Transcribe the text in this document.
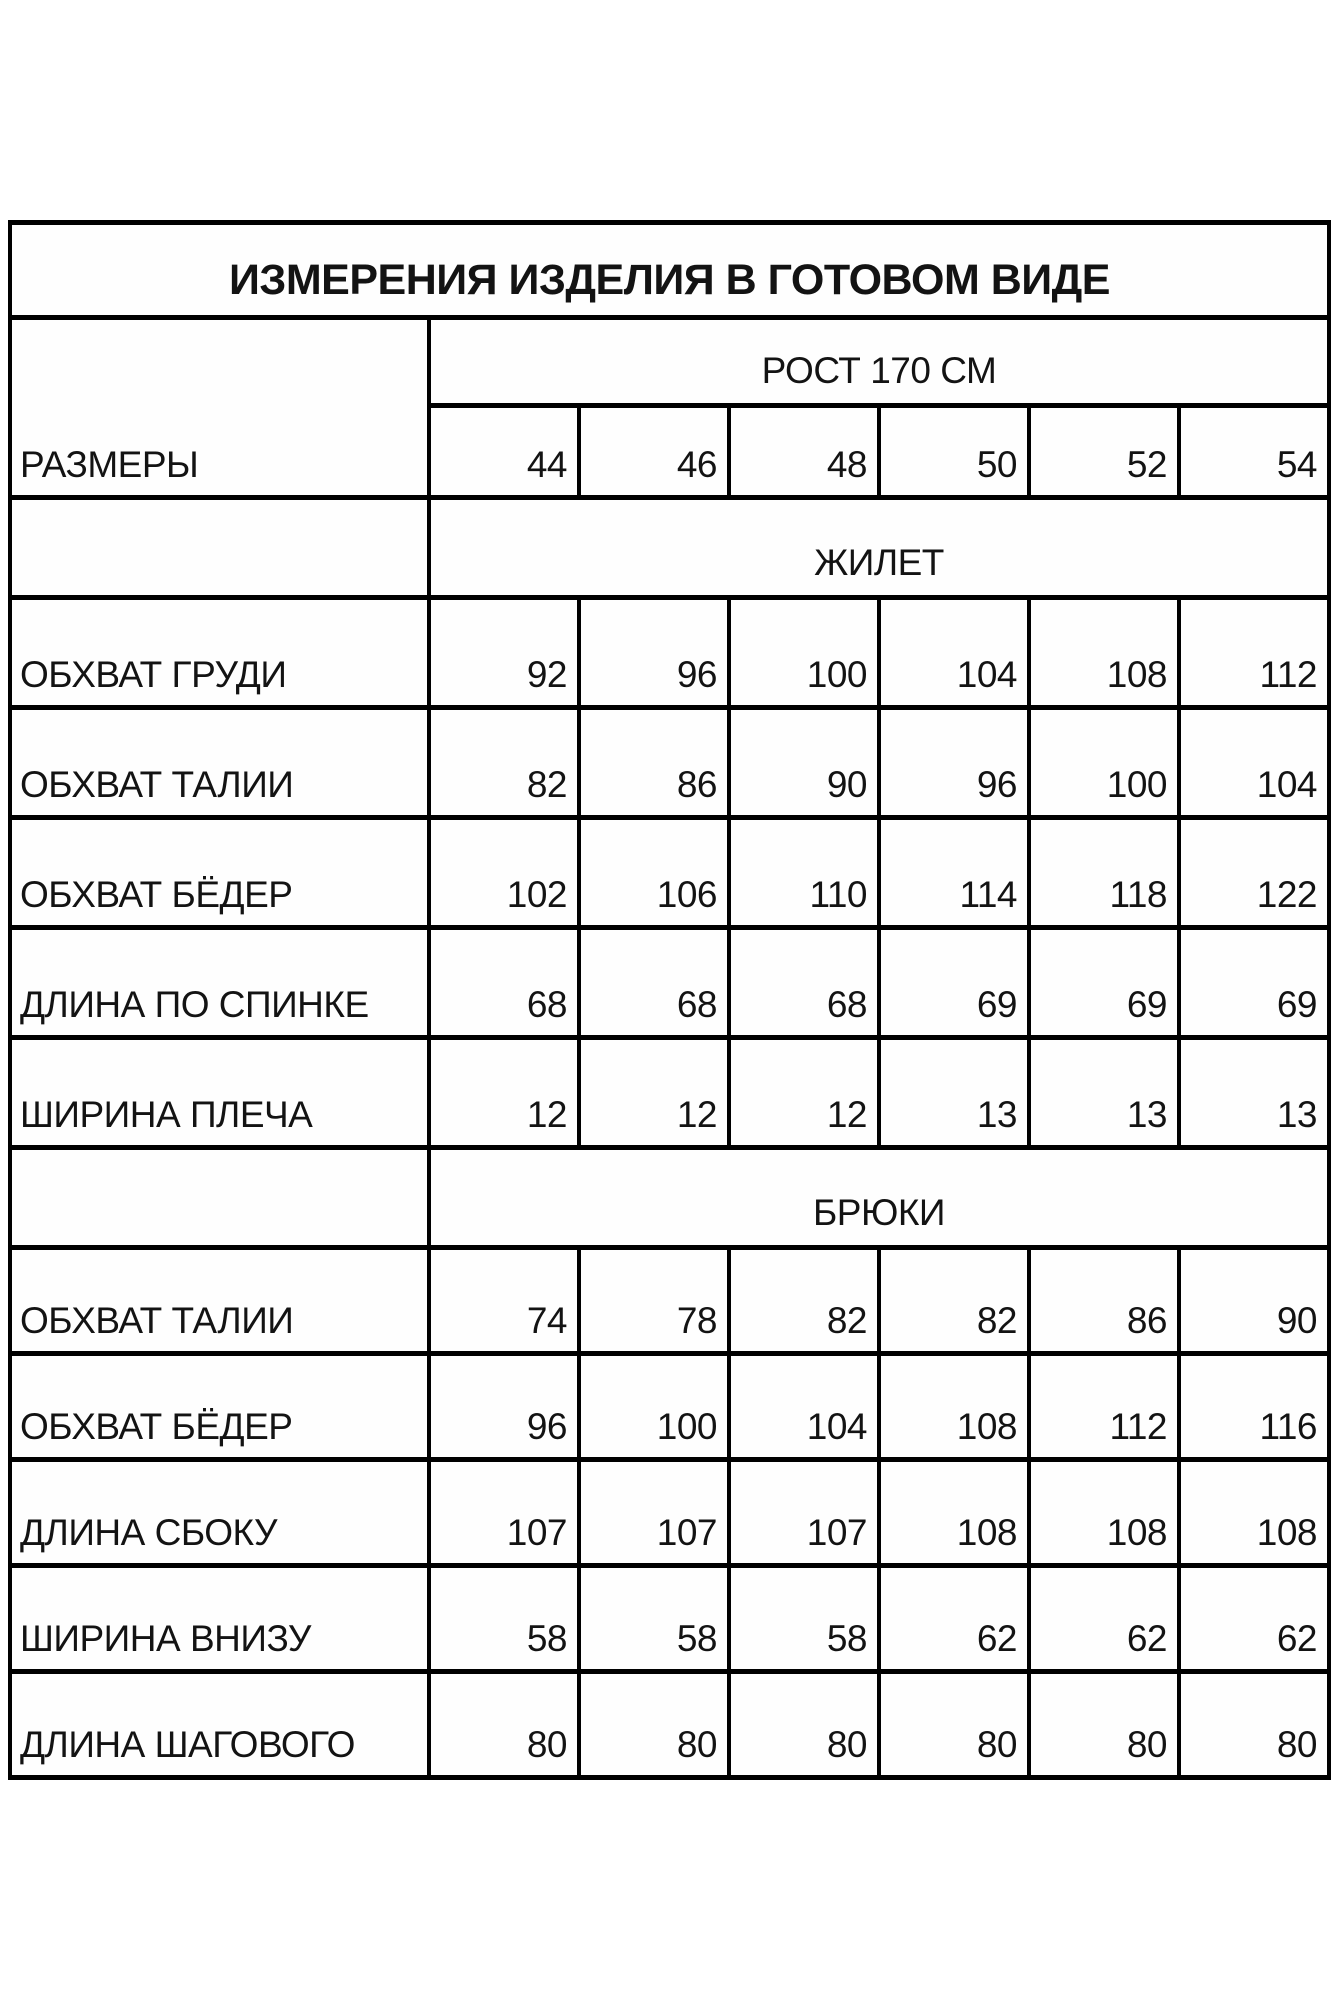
ИЗМЕРЕНИЯ ИЗДЕЛИЯ В ГОТОВОМ ВИДЕ						
РАЗМЕРЫ	РОСТ 170 СМ					
	44	46	48	50	52	54
	ЖИЛЕТ					
ОБХВАТ ГРУДИ	92	96	100	104	108	112
ОБХВАТ ТАЛИИ	82	86	90	96	100	104
ОБХВАТ БЁДЕР	102	106	110	114	118	122
ДЛИНА ПО СПИНКЕ	68	68	68	69	69	69
ШИРИНА ПЛЕЧА	12	12	12	13	13	13
	БРЮКИ					
ОБХВАТ ТАЛИИ	74	78	82	82	86	90
ОБХВАТ БЁДЕР	96	100	104	108	112	116
ДЛИНА СБОКУ	107	107	107	108	108	108
ШИРИНА ВНИЗУ	58	58	58	62	62	62
ДЛИНА ШАГОВОГО	80	80	80	80	80	80
